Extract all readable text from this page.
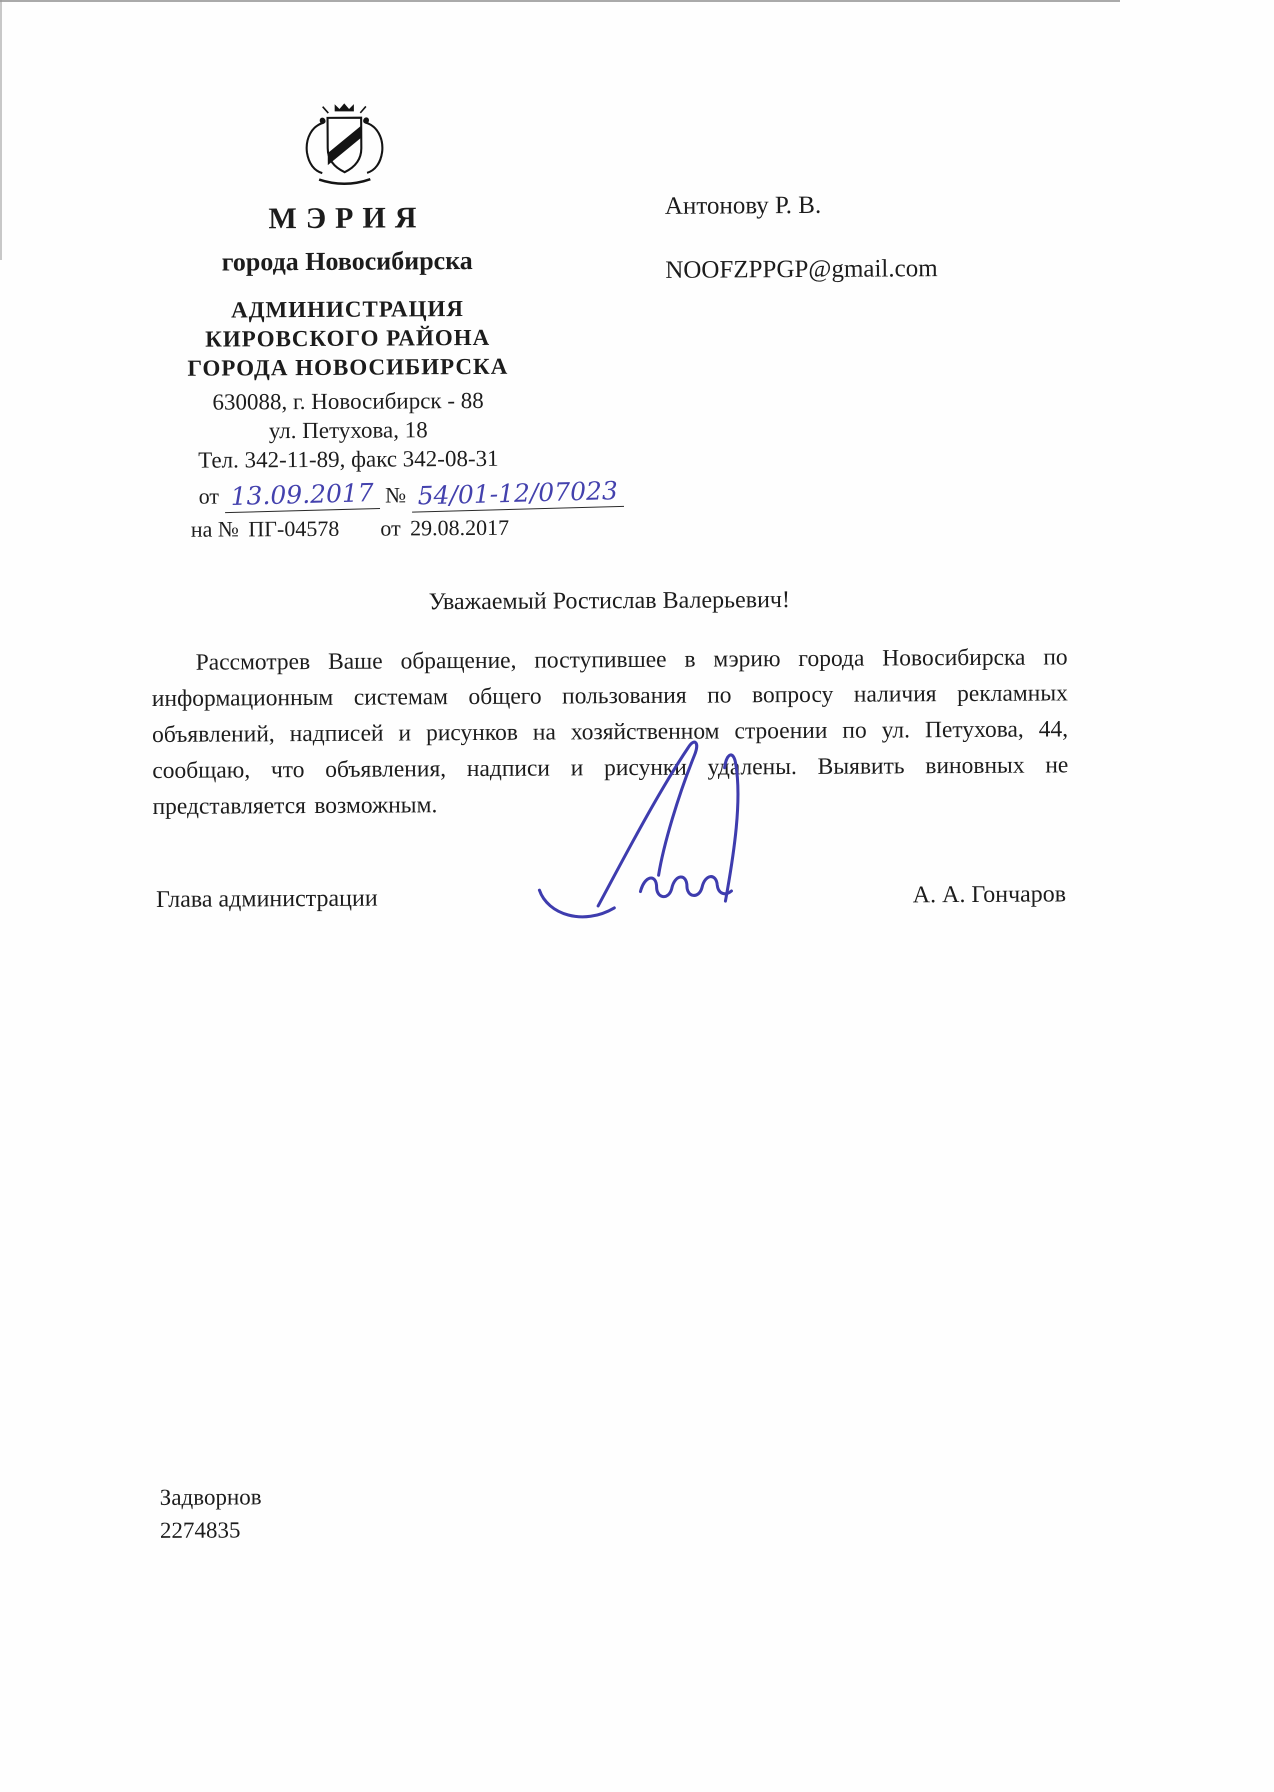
МЭРИЯ
города Новосибирска
АДМИНИСТРАЦИЯ
КИРОВСКОГО РАЙОНА
ГОРОДА НОВОСИБИРСКА
630088, г. Новосибирск - 88
ул. Петухова, 18
Тел. 342-11-89, факс 342-08-31
от 13.09.2017 № 54/01-12/07023
на № ПГ-04578 от 29.08.2017
Антонову Р. В.
NOOFZPPGP@gmail.com
Уважаемый Ростислав Валерьевич!
Рассмотрев Ваше обращение, поступившее в мэрию города Новосибирска по информационным системам общего пользования по вопросу наличия рекламных объявлений, надписей и рисунков на хозяйственном строении по ул. Петухова, 44, сообщаю, что объявления, надписи и рисунки удалены. Выявить виновных не представляется возможным.
Глава администрации	А. А. Гончаров
Задворнов
2274835
